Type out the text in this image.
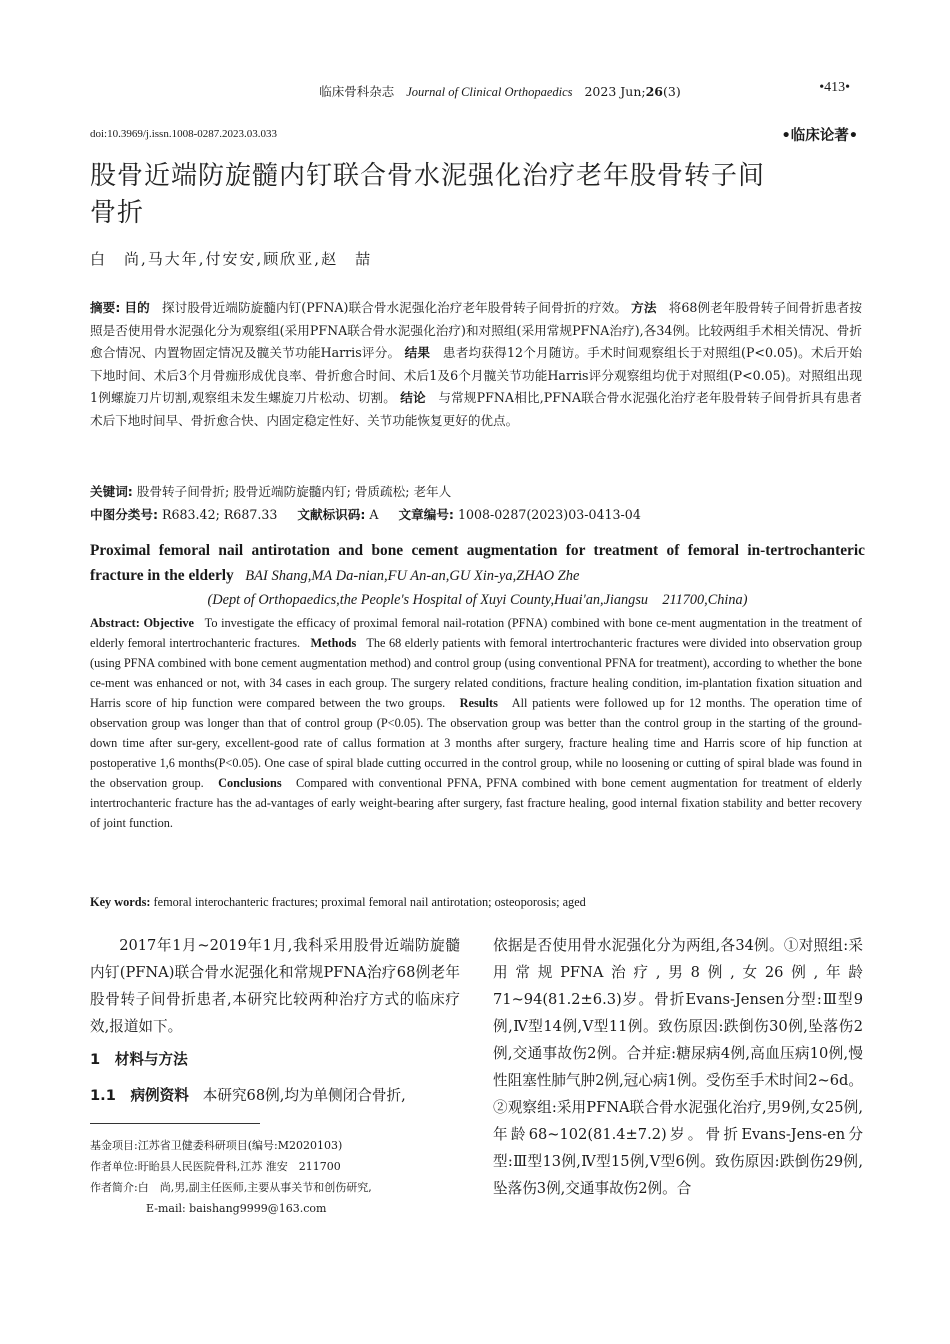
临床骨科杂志 Journal of Clinical Orthopaedics 2023 Jun;26(3)	•413•
doi:10.3969/j.issn.1008-0287.2023.03.033	•临床论著•
股骨近端防旋髓内钉联合骨水泥强化治疗老年股骨转子间骨折
白　尚,马大年,付安安,顾欣亚,赵　喆
摘要: 目的 探讨股骨近端防旋髓内钉(PFNA)联合骨水泥强化治疗老年股骨转子间骨折的疗效。 方法 将68例老年股骨转子间骨折患者按照是否使用骨水泥强化分为观察组(采用PFNA联合骨水泥强化治疗)和对照组(采用常规PFNA治疗),各34例。比较两组手术相关情况、骨折愈合情况、内置物固定情况及髋关节功能Harris评分。 结果 患者均获得12个月随访。手术时间观察组长于对照组(P<0.05)。术后开始下地时间、术后3个月骨痂形成优良率、骨折愈合时间、术后1及6个月髋关节功能Harris评分观察组均优于对照组(P<0.05)。对照组出现1例螺旋刀片切割,观察组未发生螺旋刀片松动、切割。 结论 与常规PFNA相比,PFNA联合骨水泥强化治疗老年股骨转子间骨折具有患者术后下地时间早、骨折愈合快、内固定稳定性好、关节功能恢复更好的优点。
关键词: 股骨转子间骨折; 股骨近端防旋髓内钉; 骨质疏松; 老年人
中图分类号: R683.42; R687.33 文献标识码: A 文章编号: 1008-0287(2023)03-0413-04
Proximal femoral nail antirotation and bone cement augmentation for treatment of femoral in-tertrochanteric fracture in the elderly BAI Shang,MA Da-nian,FU An-an,GU Xin-ya,ZHAO Zhe
(Dept of Orthopaedics,the People's Hospital of Xuyi County,Huai'an,Jiangsu　211700,China)
Abstract: Objective To investigate the efficacy of proximal femoral nail-rotation (PFNA) combined with bone ce-ment augmentation in the treatment of elderly femoral intertrochanteric fractures. Methods The 68 elderly patients with femoral intertrochanteric fractures were divided into observation group (using PFNA combined with bone cement augmentation method) and control group (using conventional PFNA for treatment), according to whether the bone ce-ment was enhanced or not, with 34 cases in each group. The surgery related conditions, fracture healing condition, im-plantation fixation situation and Harris score of hip function were compared between the two groups. Results All patients were followed up for 12 months. The operation time of observation group was longer than that of control group (P<0.05). The observation group was better than the control group in the starting of the ground-down time after sur-gery, excellent-good rate of callus formation at 3 months after surgery, fracture healing time and Harris score of hip function at postoperative 1,6 months(P<0.05). One case of spiral blade cutting occurred in the control group, while no loosening or cutting of spiral blade was found in the observation group. Conclusions Compared with conventional PFNA, PFNA combined with bone cement augmentation for treatment of elderly intertrochanteric fracture has the ad-vantages of early weight-bearing after surgery, fast fracture healing, good internal fixation stability and better recovery of joint function.
Key words: femoral interochanteric fractures; proximal femoral nail antirotation; osteoporosis; aged

2017年1月~2019年1月,我科采用股骨近端防旋髓内钉(PFNA)联合骨水泥强化和常规PFNA治疗68例老年股骨转子间骨折患者,本研究比较两种治疗方式的临床疗效,报道如下。

1　材料与方法
1.1　病例资料 本研究68例,均为单侧闭合骨折,

基金项目:江苏省卫健委科研项目(编号:M2020103)

作者单位:盱眙县人民医院骨科,江苏 淮安　211700

作者简介:白　尚,男,副主任医师,主要从事关节和创伤研究,

E-mail: baishang9999@163.com

依据是否使用骨水泥强化分为两组,各34例。①对照组:采用常规PFNA治疗,男8例,女26例,年龄71~94(81.2±6.3)岁。骨折Evans-Jensen分型:Ⅲ型9例,Ⅳ型14例,Ⅴ型11例。致伤原因:跌倒伤30例,坠落伤2例,交通事故伤2例。合并症:糖尿病4例,高血压病10例,慢性阻塞性肺气肿2例,冠心病1例。受伤至手术时间2~6d。②观察组:采用PFNA联合骨水泥强化治疗,男9例,女25例,年龄68~102(81.4±7.2)岁。骨折Evans-Jens-en分型:Ⅲ型13例,Ⅳ型15例,Ⅴ型6例。致伤原因:跌倒伤29例,坠落伤3例,交通事故伤2例。合
